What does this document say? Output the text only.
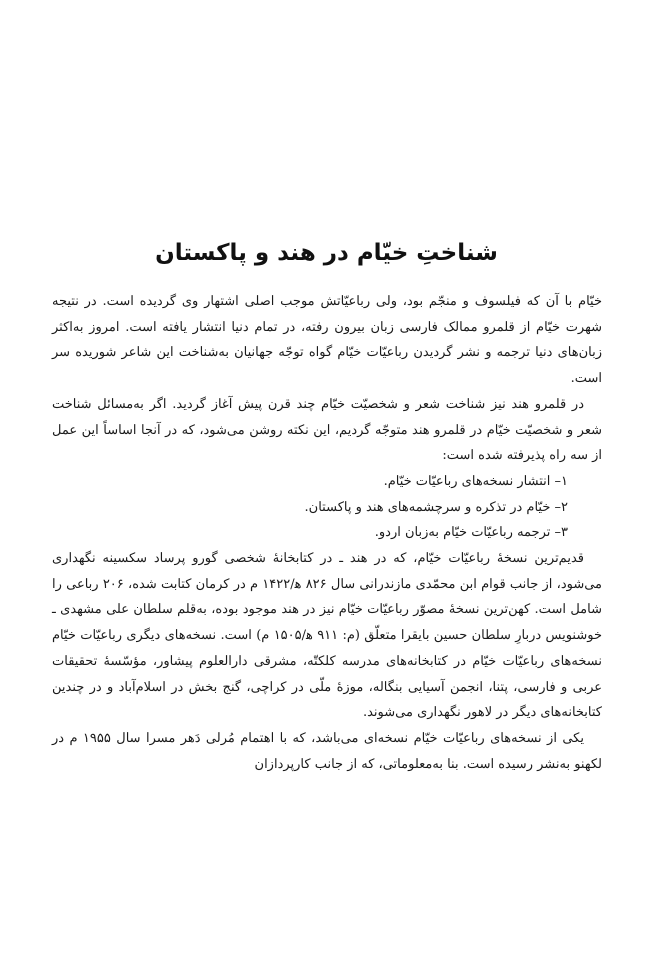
شناختِ خیّام در هند و پاکستان

خیّام با آن که فیلسوف و منجّم بود، ولی رباعیّاتش موجب اصلی اشتهار وی گردیده است. در نتیجه شهرت خیّام از قلمرو ممالک فارسی زبان بیرون رفته، در تمام دنیا انتشار یافته است. امروز به‌اکثر زبان‌های دنیا ترجمه و نشر گردیدن رباعیّات خیّام گواه توجّه جهانیان به‌شناخت این شاعر شوریده سر است.

در قلمرو هند نیز شناخت شعر و شخصیّت خیّام چند قرن پیش آغاز گردید. اگر به‌مسائل شناخت شعر و شخصیّت خیّام در قلمرو هند متوجّه گردیم، این نکته روشن می‌شود، که در آنجا اساساً این عمل از سه راه پذیرفته شده است:

۱– انتشار نسخه‌های رباعیّات خیّام.
۲– خیّام در تذکره و سرچشمه‌های هند و پاکستان.
۳– ترجمه رباعیّات خیّام به‌زبان اردو.

قدیم‌ترین نسخهٔ رباعیّات خیّام، که در هند ـ در کتابخانهٔ شخصی گورو پرساد سکسینه نگهداری می‌شود، از جانب قوام ابن محمّدی مازندرانی سال ۸۲۶ ﻫ/۱۴۲۲ م در کرمان کتابت شده، ۲۰۶ رباعی را شامل است. کهن‌ترین نسخهٔ مصوّر رباعیّات خیّام نیز در هند موجود بوده، به‌قلم سلطان علی مشهدی ـ خوشنویس دربارِ سلطان حسین بایقرا متعلّق (م: ۹۱۱ ﻫ/۱۵۰۵ م) است. نسخه‌های دیگری رباعیّات خیّام نسخه‌های رباعیّات خیّام در کتابخانه‌های مدرسه کلکتّه، مشرقی دارالعلوم پیشاور، مؤسّسهٔ تحقیقات عربی و فارسی، پتنا، انجمن آسیایی بنگاله، موزهٔ ملّی در کراچی، گنج بخش در اسلام‌آباد و در چندین کتابخانه‌های دیگر در لاهور نگهداری می‌شوند.

یکی از نسخه‌های رباعیّات خیّام نسخه‌ای می‌باشد، که با اهتمام مُرلی دَهر مسرا سال ۱۹۵۵ م در لکهنو به‌نشر رسیده است. بنا به‌معلوماتی، که از جانب کارپردازان
